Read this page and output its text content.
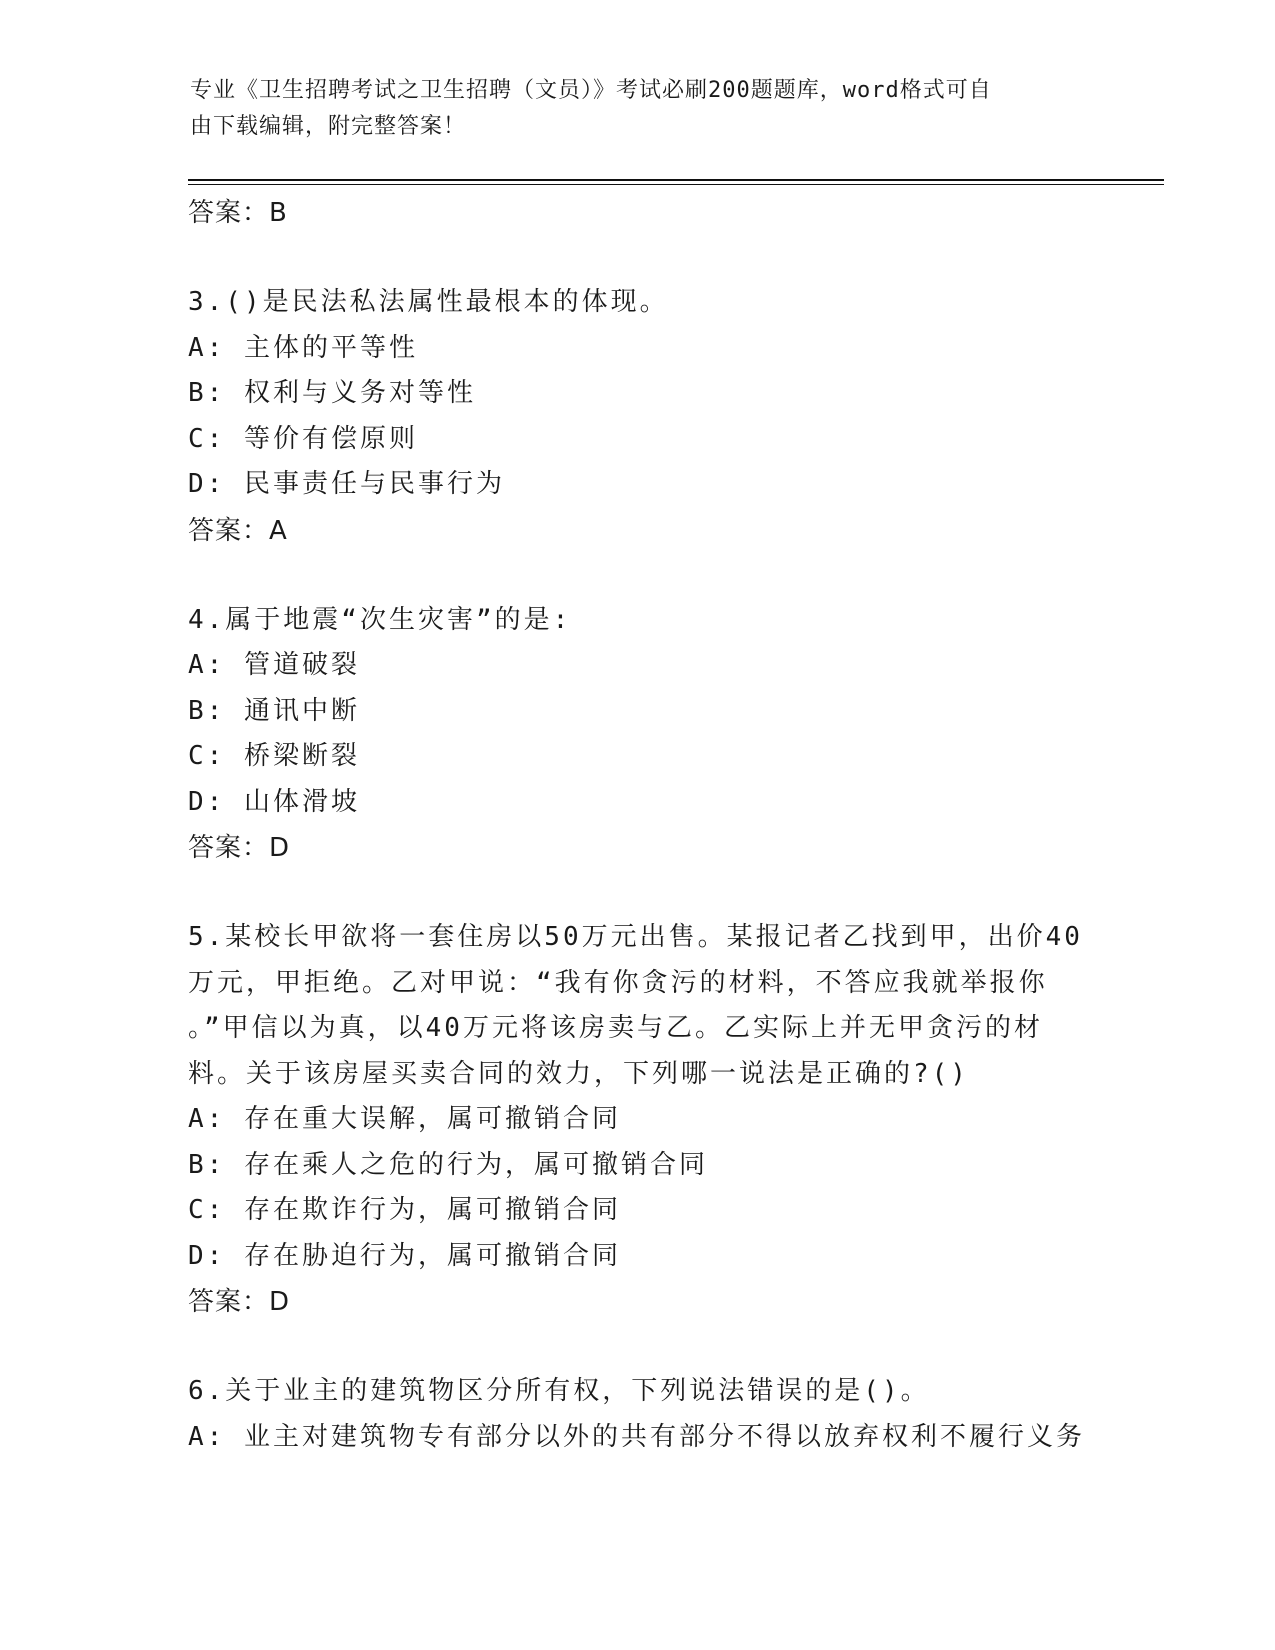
专业《卫生招聘考试之卫生招聘（文员）》考试必刷200题题库，word格式可自
由下载编辑，附完整答案！
答案：B
3.()是民法私法属性最根本的体现。
A: 主体的平等性
B: 权利与义务对等性
C: 等价有偿原则
D: 民事责任与民事行为
答案：A
4.属于地震“次生灾害”的是:
A: 管道破裂
B: 通讯中断
C: 桥梁断裂
D: 山体滑坡
答案：D
5.某校长甲欲将一套住房以50万元出售。某报记者乙找到甲，出价40
万元，甲拒绝。乙对甲说：“我有你贪污的材料，不答应我就举报你
。”甲信以为真，以40万元将该房卖与乙。乙实际上并无甲贪污的材
料。关于该房屋买卖合同的效力，下列哪一说法是正确的?()
A: 存在重大误解，属可撤销合同
B: 存在乘人之危的行为，属可撤销合同
C: 存在欺诈行为，属可撤销合同
D: 存在胁迫行为，属可撤销合同
答案：D
6.关于业主的建筑物区分所有权，下列说法错误的是()。
A: 业主对建筑物专有部分以外的共有部分不得以放弃权利不履行义务
